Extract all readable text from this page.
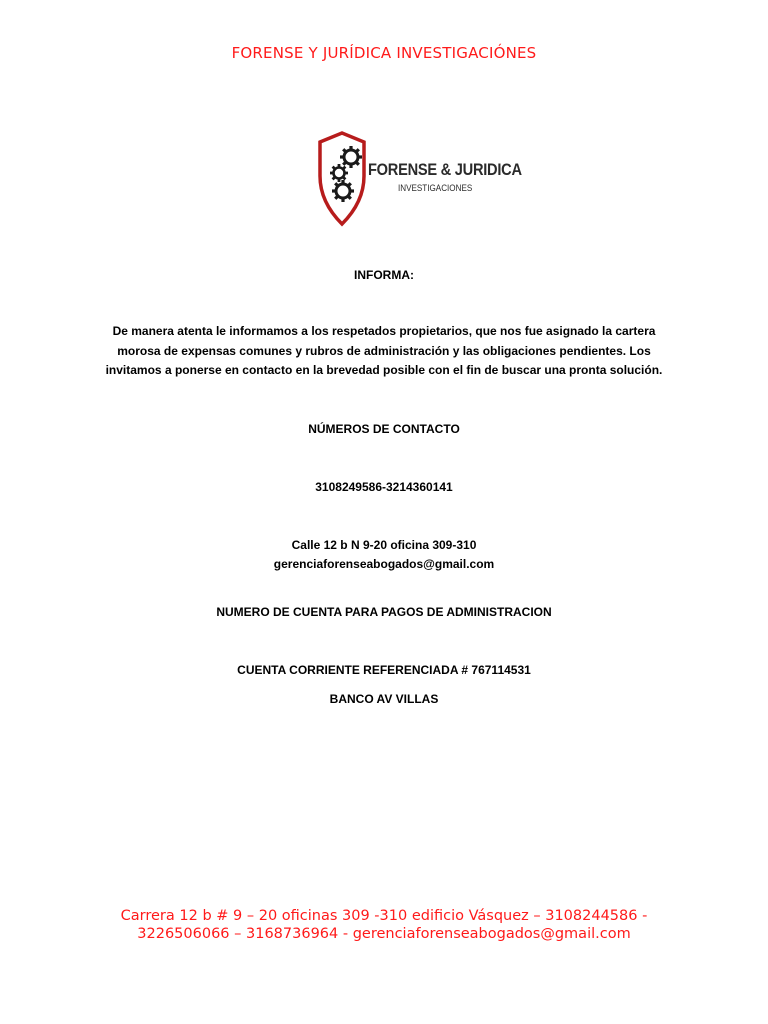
FORENSE Y JURÍDICA INVESTIGACIÓNES
FORENSE & JURIDICA
INVESTIGACIONES
INFORMA:
De manera atenta le informamos a los respetados propietarios, que nos fue asignado la cartera
morosa de expensas comunes y rubros de administración y las obligaciones pendientes. Los
invitamos a ponerse en contacto en la brevedad posible con el fin de buscar una pronta solución.
NÚMEROS DE CONTACTO
3108249586-3214360141
Calle 12 b N 9-20 oficina 309-310
gerenciaforenseabogados@gmail.com
NUMERO DE CUENTA PARA PAGOS DE ADMINISTRACION
CUENTA CORRIENTE REFERENCIADA # 767114531
BANCO AV VILLAS
Carrera 12 b # 9 – 20 oficinas 309 -310 edificio Vásquez – 3108244586 -
3226506066 – 3168736964 - gerenciaforenseabogados@gmail.com
